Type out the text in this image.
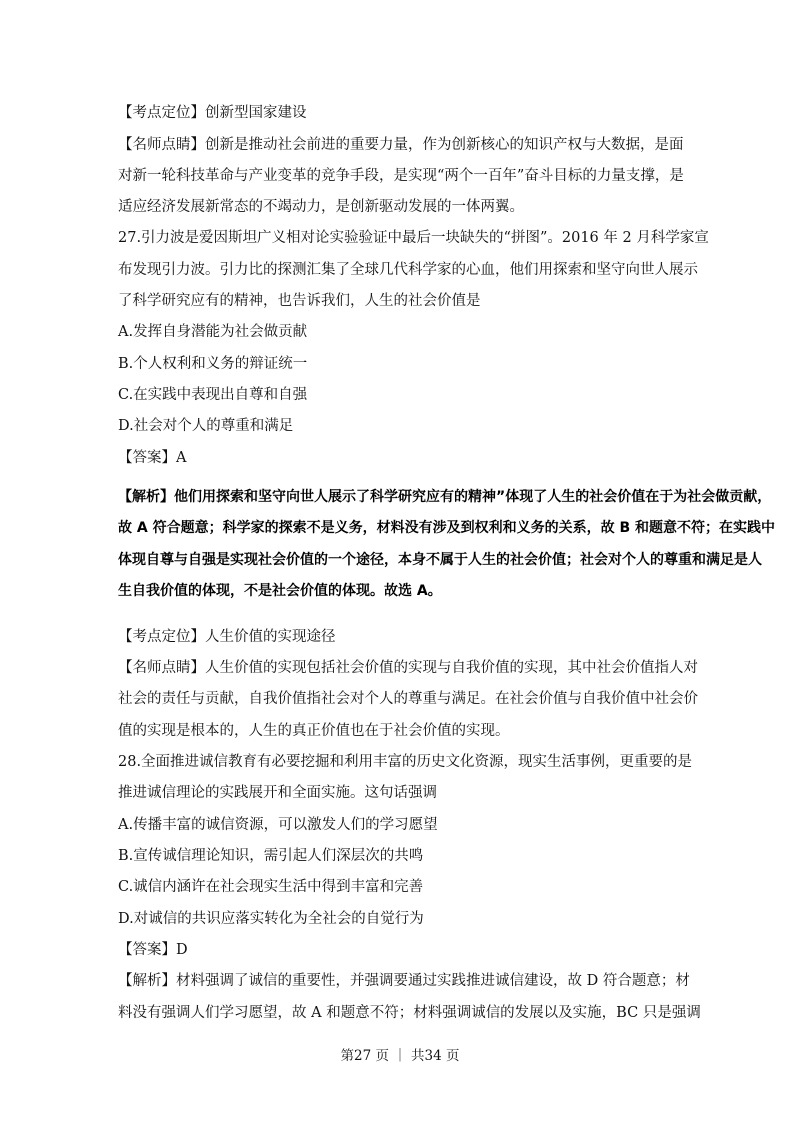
【考点定位】创新型国家建设
【名师点睛】创新是推动社会前进的重要力量，作为创新核心的知识产权与大数据，是面
对新一轮科技革命与产业变革的竞争手段，是实现“两个一百年”奋斗目标的力量支撑，是
适应经济发展新常态的不竭动力，是创新驱动发展的一体两翼。
27.引力波是爱因斯坦广义相对论实验验证中最后一块缺失的“拼图”。2016 年 2 月科学家宣
布发现引力波。引力比的探测汇集了全球几代科学家的心血，他们用探索和坚守向世人展示
了科学研究应有的精神，也告诉我们，人生的社会价值是
A.发挥自身潜能为社会做贡献
B.个人权利和义务的辩证统一
C.在实践中表现出自尊和自强
D.社会对个人的尊重和满足
【答案】A
【解析】他们用探索和坚守向世人展示了科学研究应有的精神”体现了人生的社会价值在于为社会做贡献，
故 A 符合题意；科学家的探索不是义务，材料没有涉及到权利和义务的关系，故 B 和题意不符；在实践中
体现自尊与自强是实现社会价值的一个途径，本身不属于人生的社会价值；社会对个人的尊重和满足是人
生自我价值的体现，不是社会价值的体现。故选 A。
【考点定位】人生价值的实现途径
【名师点睛】人生价值的实现包括社会价值的实现与自我价值的实现，其中社会价值指人对
社会的责任与贡献，自我价值指社会对个人的尊重与满足。在社会价值与自我价值中社会价
值的实现是根本的，人生的真正价值也在于社会价值的实现。
28.全面推进诚信教育有必要挖掘和利用丰富的历史文化资源，现实生活事例，更重要的是
推进诚信理论的实践展开和全面实施。这句话强调
A.传播丰富的诚信资源，可以激发人们的学习愿望
B.宣传诚信理论知识，需引起人们深层次的共鸣
C.诚信内涵许在社会现实生活中得到丰富和完善
D.对诚信的共识应落实转化为全社会的自觉行为
【答案】D
【解析】材料强调了诚信的重要性，并强调要通过实践推进诚信建设，故 D 符合题意；材
料没有强调人们学习愿望，故 A 和题意不符；材料强调诚信的发展以及实施，BC 只是强调
第27 页 ｜ 共34 页
